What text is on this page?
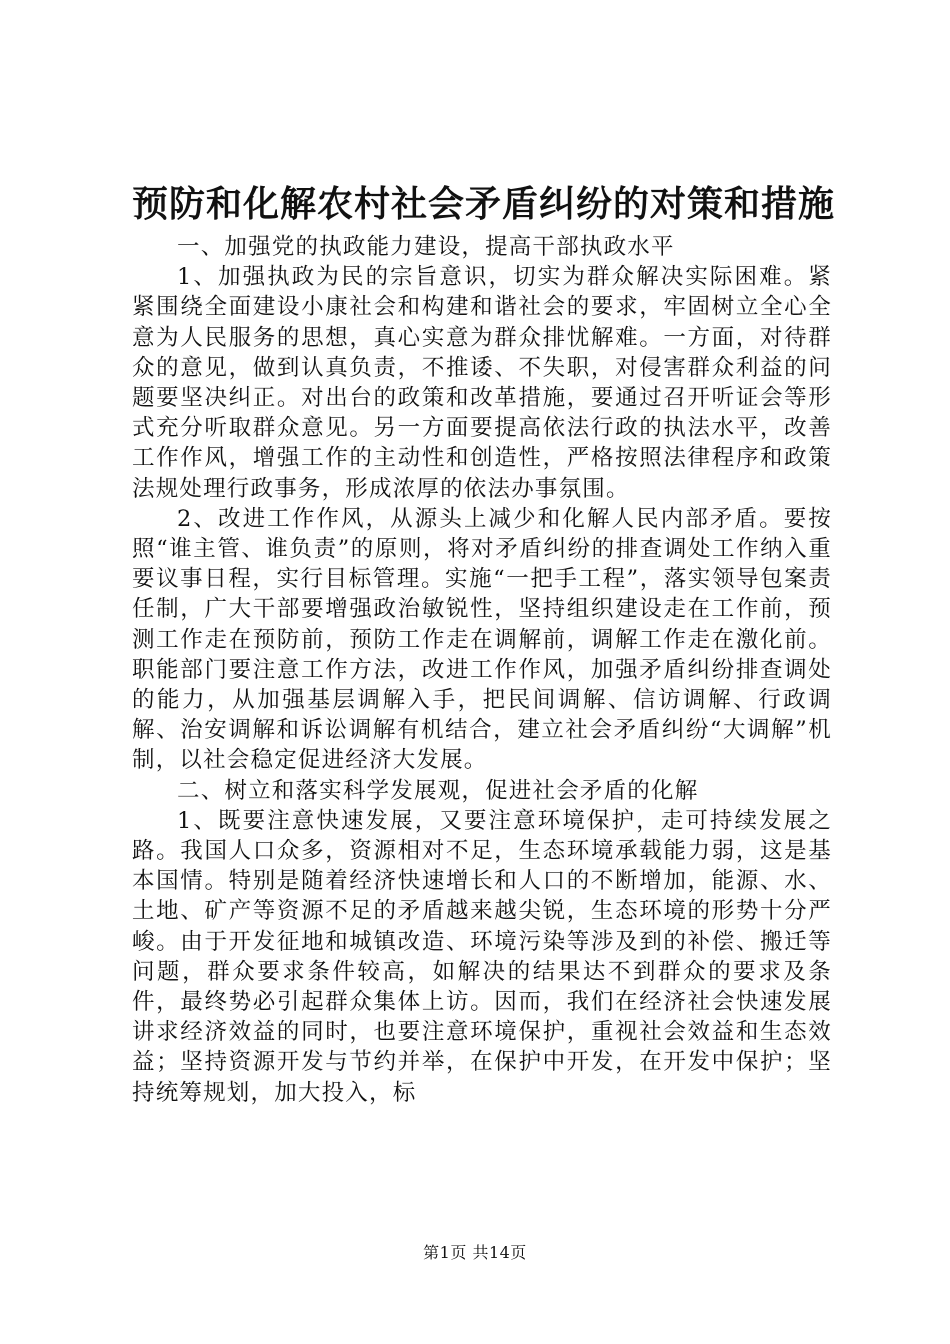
预防和化解农村社会矛盾纠纷的对策和措施

一、加强党的执政能力建设，提高干部执政水平

1、加强执政为民的宗旨意识，切实为群众解决实际困难。紧紧围绕全面建设小康社会和构建和谐社会的要求，牢固树立全心全意为人民服务的思想，真心实意为群众排忧解难。一方面，对待群众的意见，做到认真负责，不推诿、不失职，对侵害群众利益的问题要坚决纠正。对出台的政策和改革措施，要通过召开听证会等形式充分听取群众意见。另一方面要提高依法行政的执法水平，改善工作作风，增强工作的主动性和创造性，严格按照法律程序和政策法规处理行政事务，形成浓厚的依法办事氛围。

2、改进工作作风，从源头上减少和化解人民内部矛盾。要按照“谁主管、谁负责”的原则，将对矛盾纠纷的排查调处工作纳入重要议事日程，实行目标管理。实施“一把手工程”，落实领导包案责任制，广大干部要增强政治敏锐性，坚持组织建设走在工作前，预测工作走在预防前，预防工作走在调解前，调解工作走在激化前。职能部门要注意工作方法，改进工作作风，加强矛盾纠纷排查调处的能力，从加强基层调解入手，把民间调解、信访调解、行政调解、治安调解和诉讼调解有机结合，建立社会矛盾纠纷“大调解”机制，以社会稳定促进经济大发展。

二、树立和落实科学发展观，促进社会矛盾的化解

1、既要注意快速发展，又要注意环境保护，走可持续发展之路。我国人口众多，资源相对不足，生态环境承载能力弱，这是基本国情。特别是随着经济快速增长和人口的不断增加，能源、水、土地、矿产等资源不足的矛盾越来越尖锐，生态环境的形势十分严峻。由于开发征地和城镇改造、环境污染等涉及到的补偿、搬迁等问题，群众要求条件较高，如解决的结果达不到群众的要求及条件，最终势必引起群众集体上访。因而，我们在经济社会快速发展讲求经济效益的同时，也要注意环境保护，重视社会效益和生态效益；坚持资源开发与节约并举，在保护中开发，在开发中保护；坚持统筹规划，加大投入，标

第1页 共14页
